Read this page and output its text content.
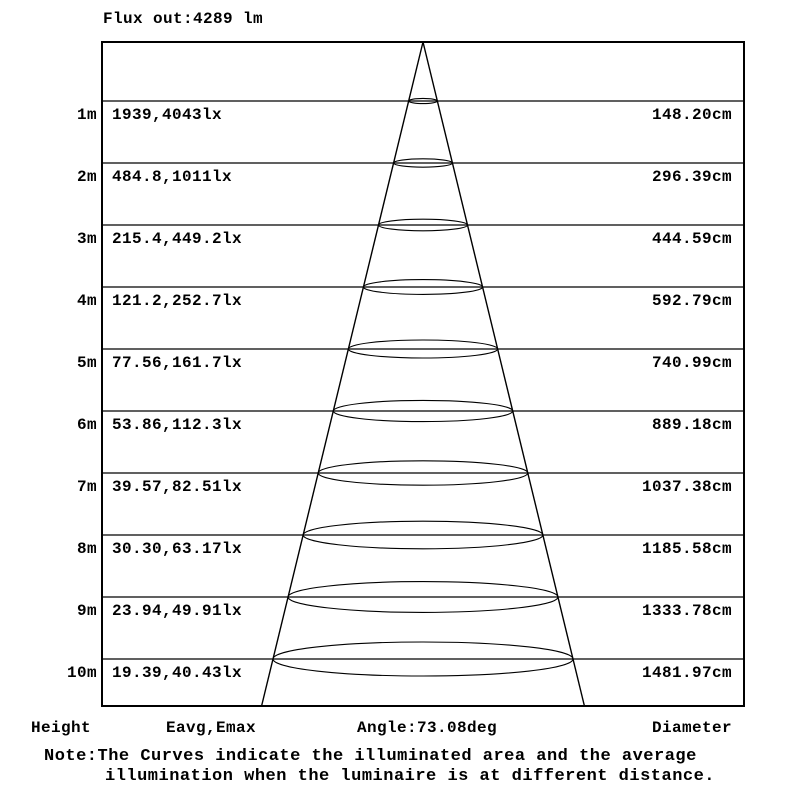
Flux out:4289 lm
1m 1939,4043lx	148.20cm
2m 484.8,1011lx	296.39cm
3m 215.4,449.2lx	444.59cm
4m 121.2,252.7lx	592.79cm
5m 77.56,161.7lx	740.99cm
6m 53.86,112.3lx	889.18cm
7m 39.57,82.51lx	1037.38cm
8m 30.30,63.17lx	1185.58cm
9m 23.94,49.91lx	1333.78cm
10m 19.39,40.43lx	1481.97cm
Height	Eavg,Emax	Angle:73.08deg	Diameter
Note:The Curves indicate the illuminated area and the average
illumination when the luminaire is at different distance.
